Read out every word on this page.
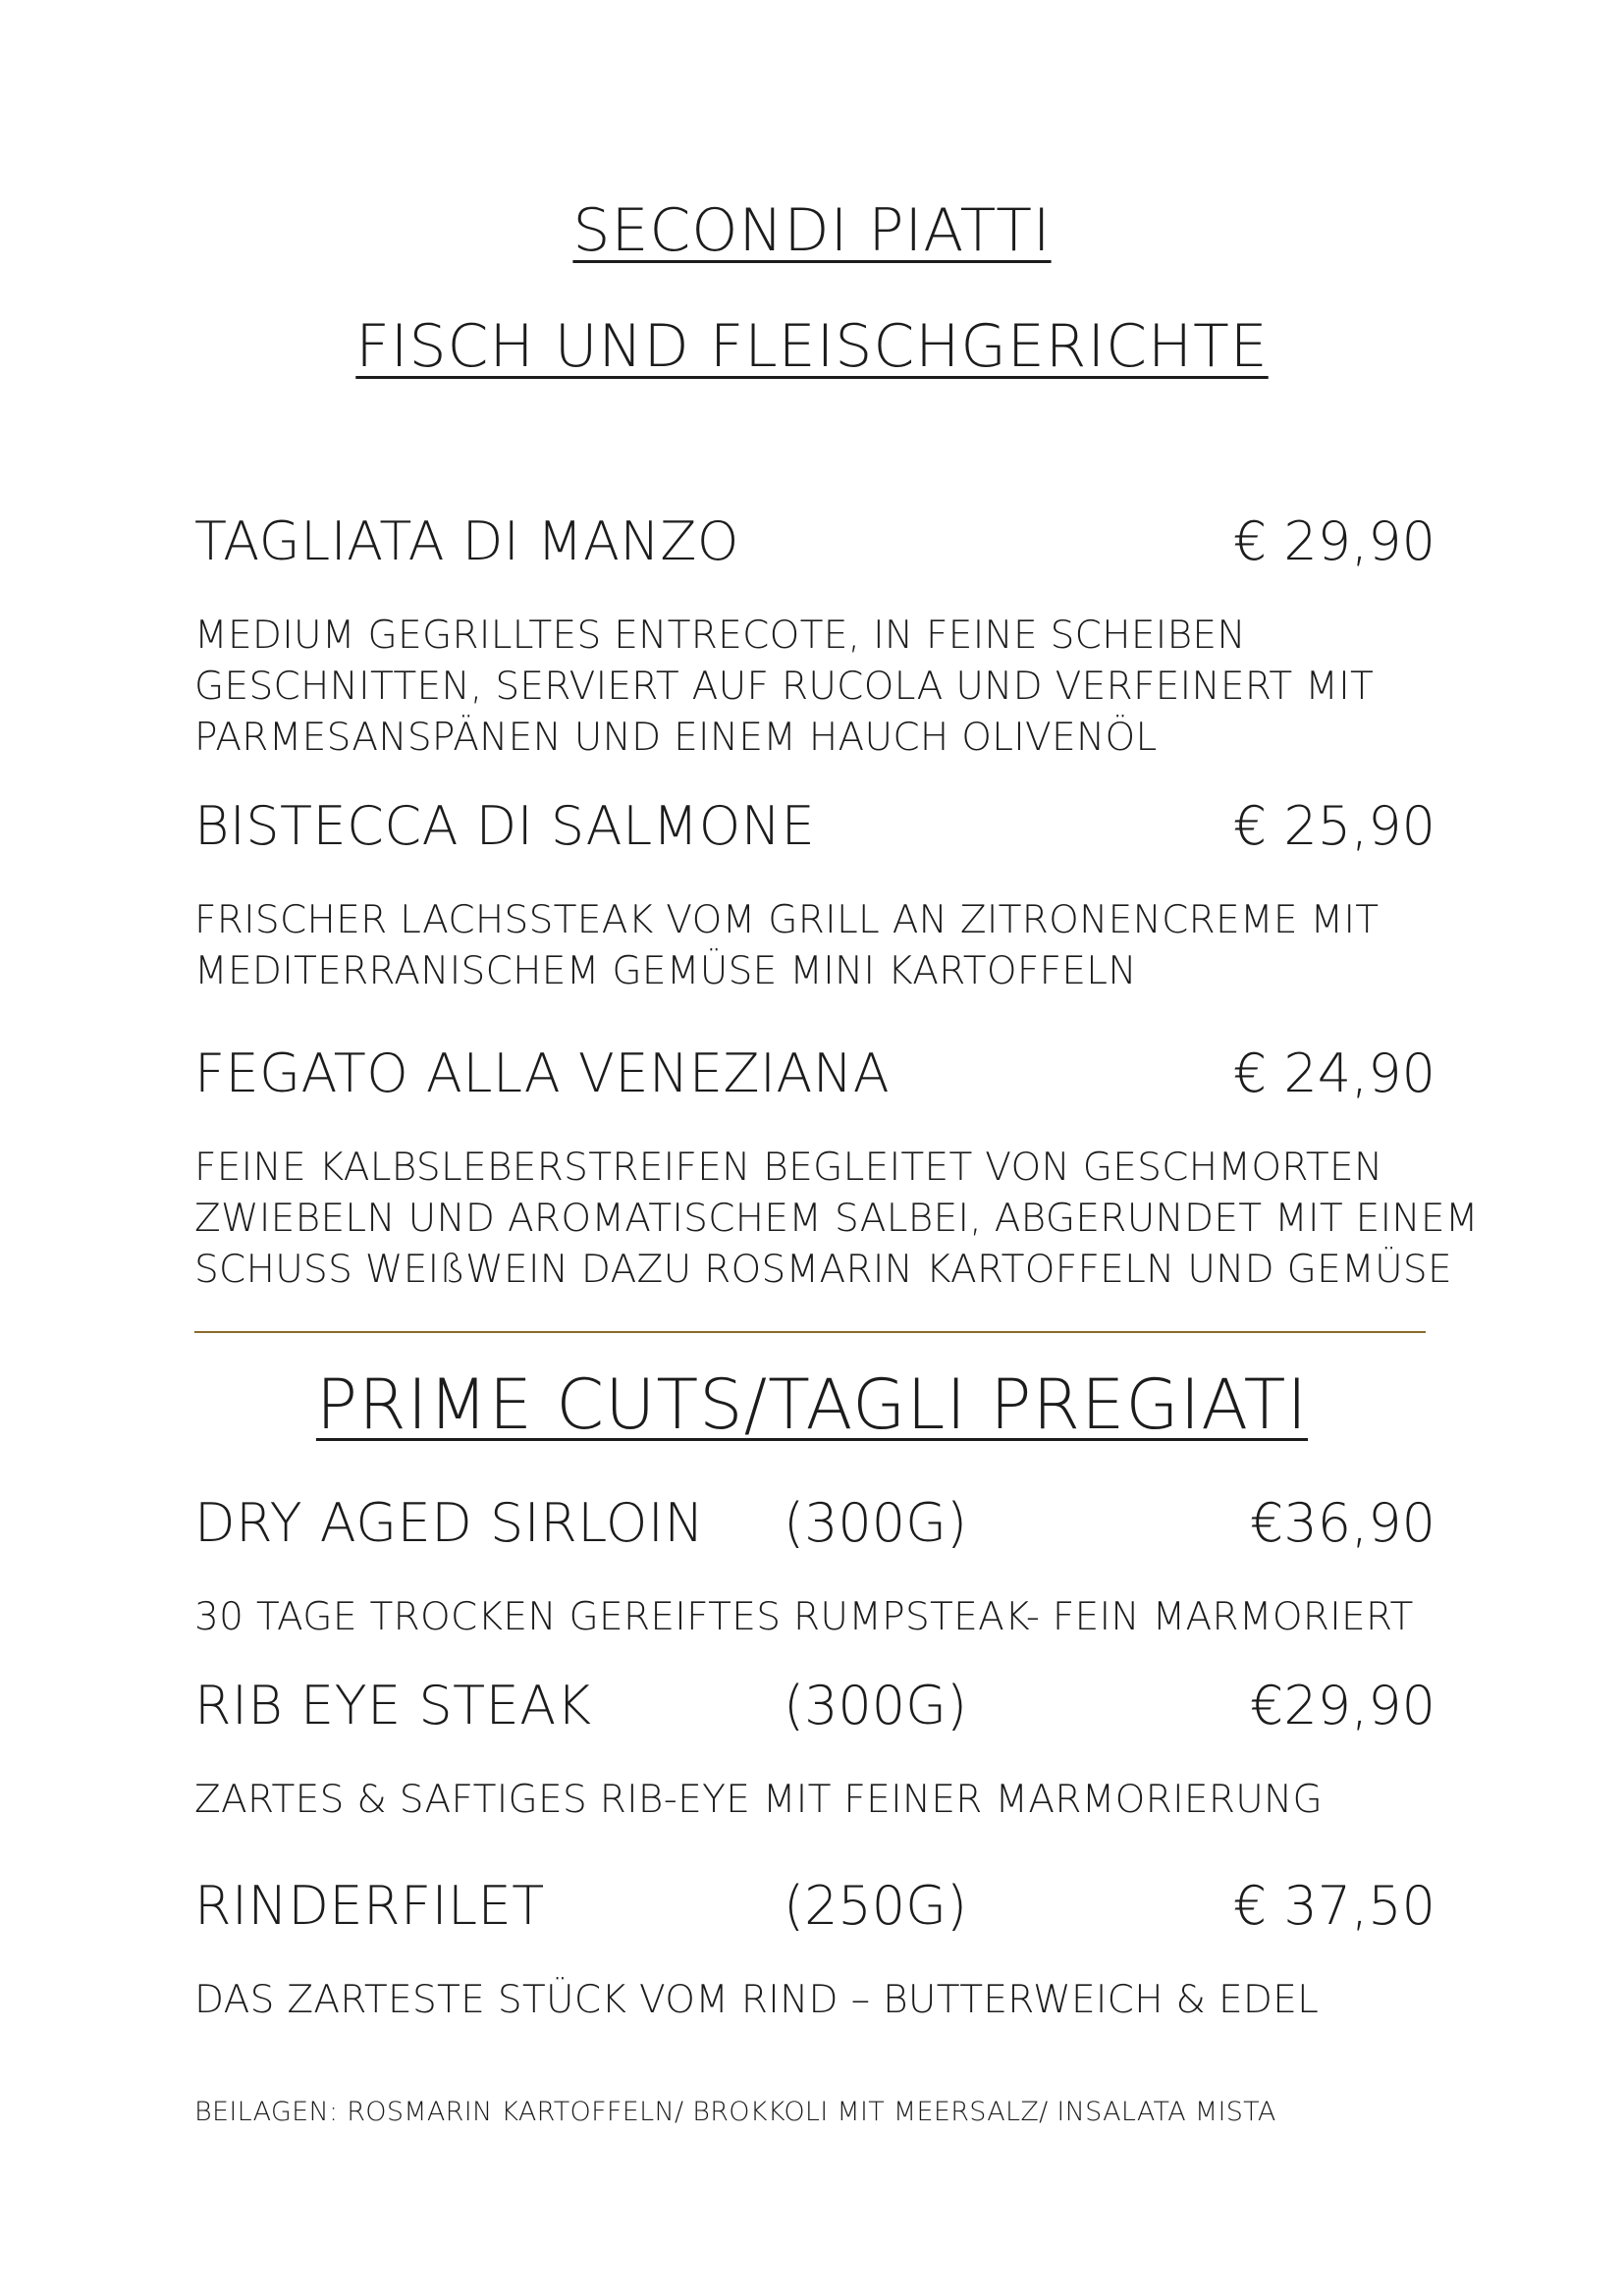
SECONDI PIATTI
FISCH UND FLEISCHGERICHTE
TAGLIATA DI MANZO	€ 29,90
MEDIUM GEGRILLTES ENTRECOTE, IN FEINE SCHEIBEN
GESCHNITTEN, SERVIERT AUF RUCOLA UND VERFEINERT MIT
PARMESANSPÄNEN UND EINEM HAUCH OLIVENÖL
BISTECCA DI SALMONE	€ 25,90
FRISCHER LACHSSTEAK VOM GRILL AN ZITRONENCREME MIT
MEDITERRANISCHEM GEMÜSE MINI KARTOFFELN
FEGATO ALLA VENEZIANA	€ 24,90
FEINE KALBSLEBERSTREIFEN BEGLEITET VON GESCHMORTEN
ZWIEBELN UND AROMATISCHEM SALBEI, ABGERUNDET MIT EINEM
SCHUSS WEIßWEIN DAZU ROSMARIN KARTOFFELN UND GEMÜSE
PRIME CUTS/TAGLI PREGIATI
DRY AGED SIRLOIN (300G)	€36,90
30 TAGE TROCKEN GEREIFTES RUMPSTEAK- FEIN MARMORIERT
RIB EYE STEAK	(300G)	€29,90
ZARTES & SAFTIGES RIB-EYE MIT FEINER MARMORIERUNG
RINDERFILET	(250G)	€ 37,50
DAS ZARTESTE STÜCK VOM RIND – BUTTERWEICH & EDEL
BEILAGEN: ROSMARIN KARTOFFELN/ BROKKOLI MIT MEERSALZ/ INSALATA MISTA
